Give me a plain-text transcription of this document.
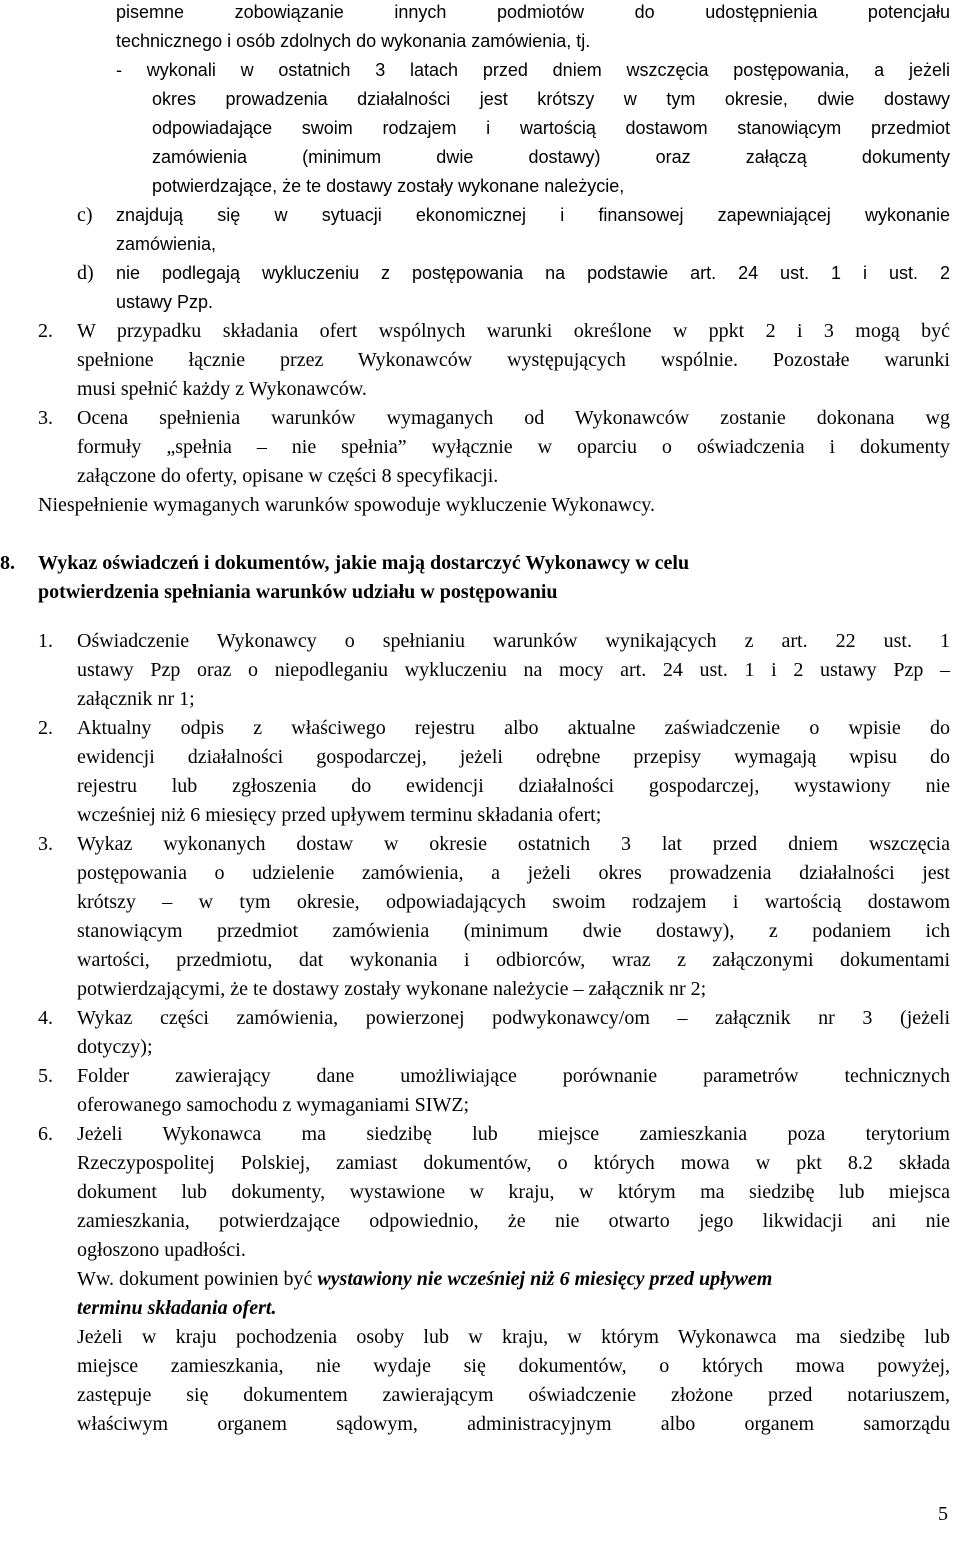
pisemne zobowiązanie innych podmiotów do udostępnienia potencjału
technicznego i osób zdolnych do wykonania zamówienia, tj.
- wykonali w ostatnich 3 latach przed dniem wszczęcia postępowania, a jeżeli
okres prowadzenia działalności jest krótszy w tym okresie, dwie dostawy
odpowiadające swoim rodzajem i wartością dostawom stanowiącym przedmiot
zamówienia (minimum dwie dostawy) oraz załączą dokumenty
potwierdzające, że te dostawy zostały wykonane należycie,
c) znajdują się w sytuacji ekonomicznej i finansowej zapewniającej wykonanie
zamówienia,
d) nie podlegają wykluczeniu z postępowania na podstawie art. 24 ust. 1 i ust. 2
ustawy Pzp.
2. W przypadku składania ofert wspólnych warunki określone w ppkt 2 i 3 mogą być
spełnione łącznie przez Wykonawców występujących wspólnie. Pozostałe warunki
musi spełnić każdy z Wykonawców.
3. Ocena spełnienia warunków wymaganych od Wykonawców zostanie dokonana wg
formuły „spełnia – nie spełnia” wyłącznie w oparciu o oświadczenia i dokumenty
załączone do oferty, opisane w części 8 specyfikacji.
Niespełnienie wymaganych warunków spowoduje wykluczenie Wykonawcy.
8. Wykaz oświadczeń i dokumentów, jakie mają dostarczyć Wykonawcy w celu
potwierdzenia spełniania warunków udziału w postępowaniu
1. Oświadczenie Wykonawcy o spełnianiu warunków wynikających z art. 22 ust. 1
ustawy Pzp oraz o niepodleganiu wykluczeniu na mocy art. 24 ust. 1 i 2 ustawy Pzp –
załącznik nr 1;
2. Aktualny odpis z właściwego rejestru albo aktualne zaświadczenie o wpisie do
ewidencji działalności gospodarczej, jeżeli odrębne przepisy wymagają wpisu do
rejestru lub zgłoszenia do ewidencji działalności gospodarczej, wystawiony nie
wcześniej niż 6 miesięcy przed upływem terminu składania ofert;
3. Wykaz wykonanych dostaw w okresie ostatnich 3 lat przed dniem wszczęcia
postępowania o udzielenie zamówienia, a jeżeli okres prowadzenia działalności jest
krótszy – w tym okresie, odpowiadających swoim rodzajem i wartością dostawom
stanowiącym przedmiot zamówienia (minimum dwie dostawy), z podaniem ich
wartości, przedmiotu, dat wykonania i odbiorców, wraz z załączonymi dokumentami
potwierdzającymi, że te dostawy zostały wykonane należycie – załącznik nr 2;
4. Wykaz części zamówienia, powierzonej podwykonawcy/om – załącznik nr 3 (jeżeli
dotyczy);
5. Folder zawierający dane umożliwiające porównanie parametrów technicznych
oferowanego samochodu z wymaganiami SIWZ;
6. Jeżeli Wykonawca ma siedzibę lub miejsce zamieszkania poza terytorium
Rzeczypospolitej Polskiej, zamiast dokumentów, o których mowa w pkt 8.2 składa
dokument lub dokumenty, wystawione w kraju, w którym ma siedzibę lub miejsca
zamieszkania, potwierdzające odpowiednio, że nie otwarto jego likwidacji ani nie
ogłoszono upadłości.
Ww. dokument powinien być wystawiony nie wcześniej niż 6 miesięcy przed upływem
terminu składania ofert.
Jeżeli w kraju pochodzenia osoby lub w kraju, w którym Wykonawca ma siedzibę lub
miejsce zamieszkania, nie wydaje się dokumentów, o których mowa powyżej,
zastępuje się dokumentem zawierającym oświadczenie złożone przed notariuszem,
właściwym organem sądowym, administracyjnym albo organem samorządu
5
